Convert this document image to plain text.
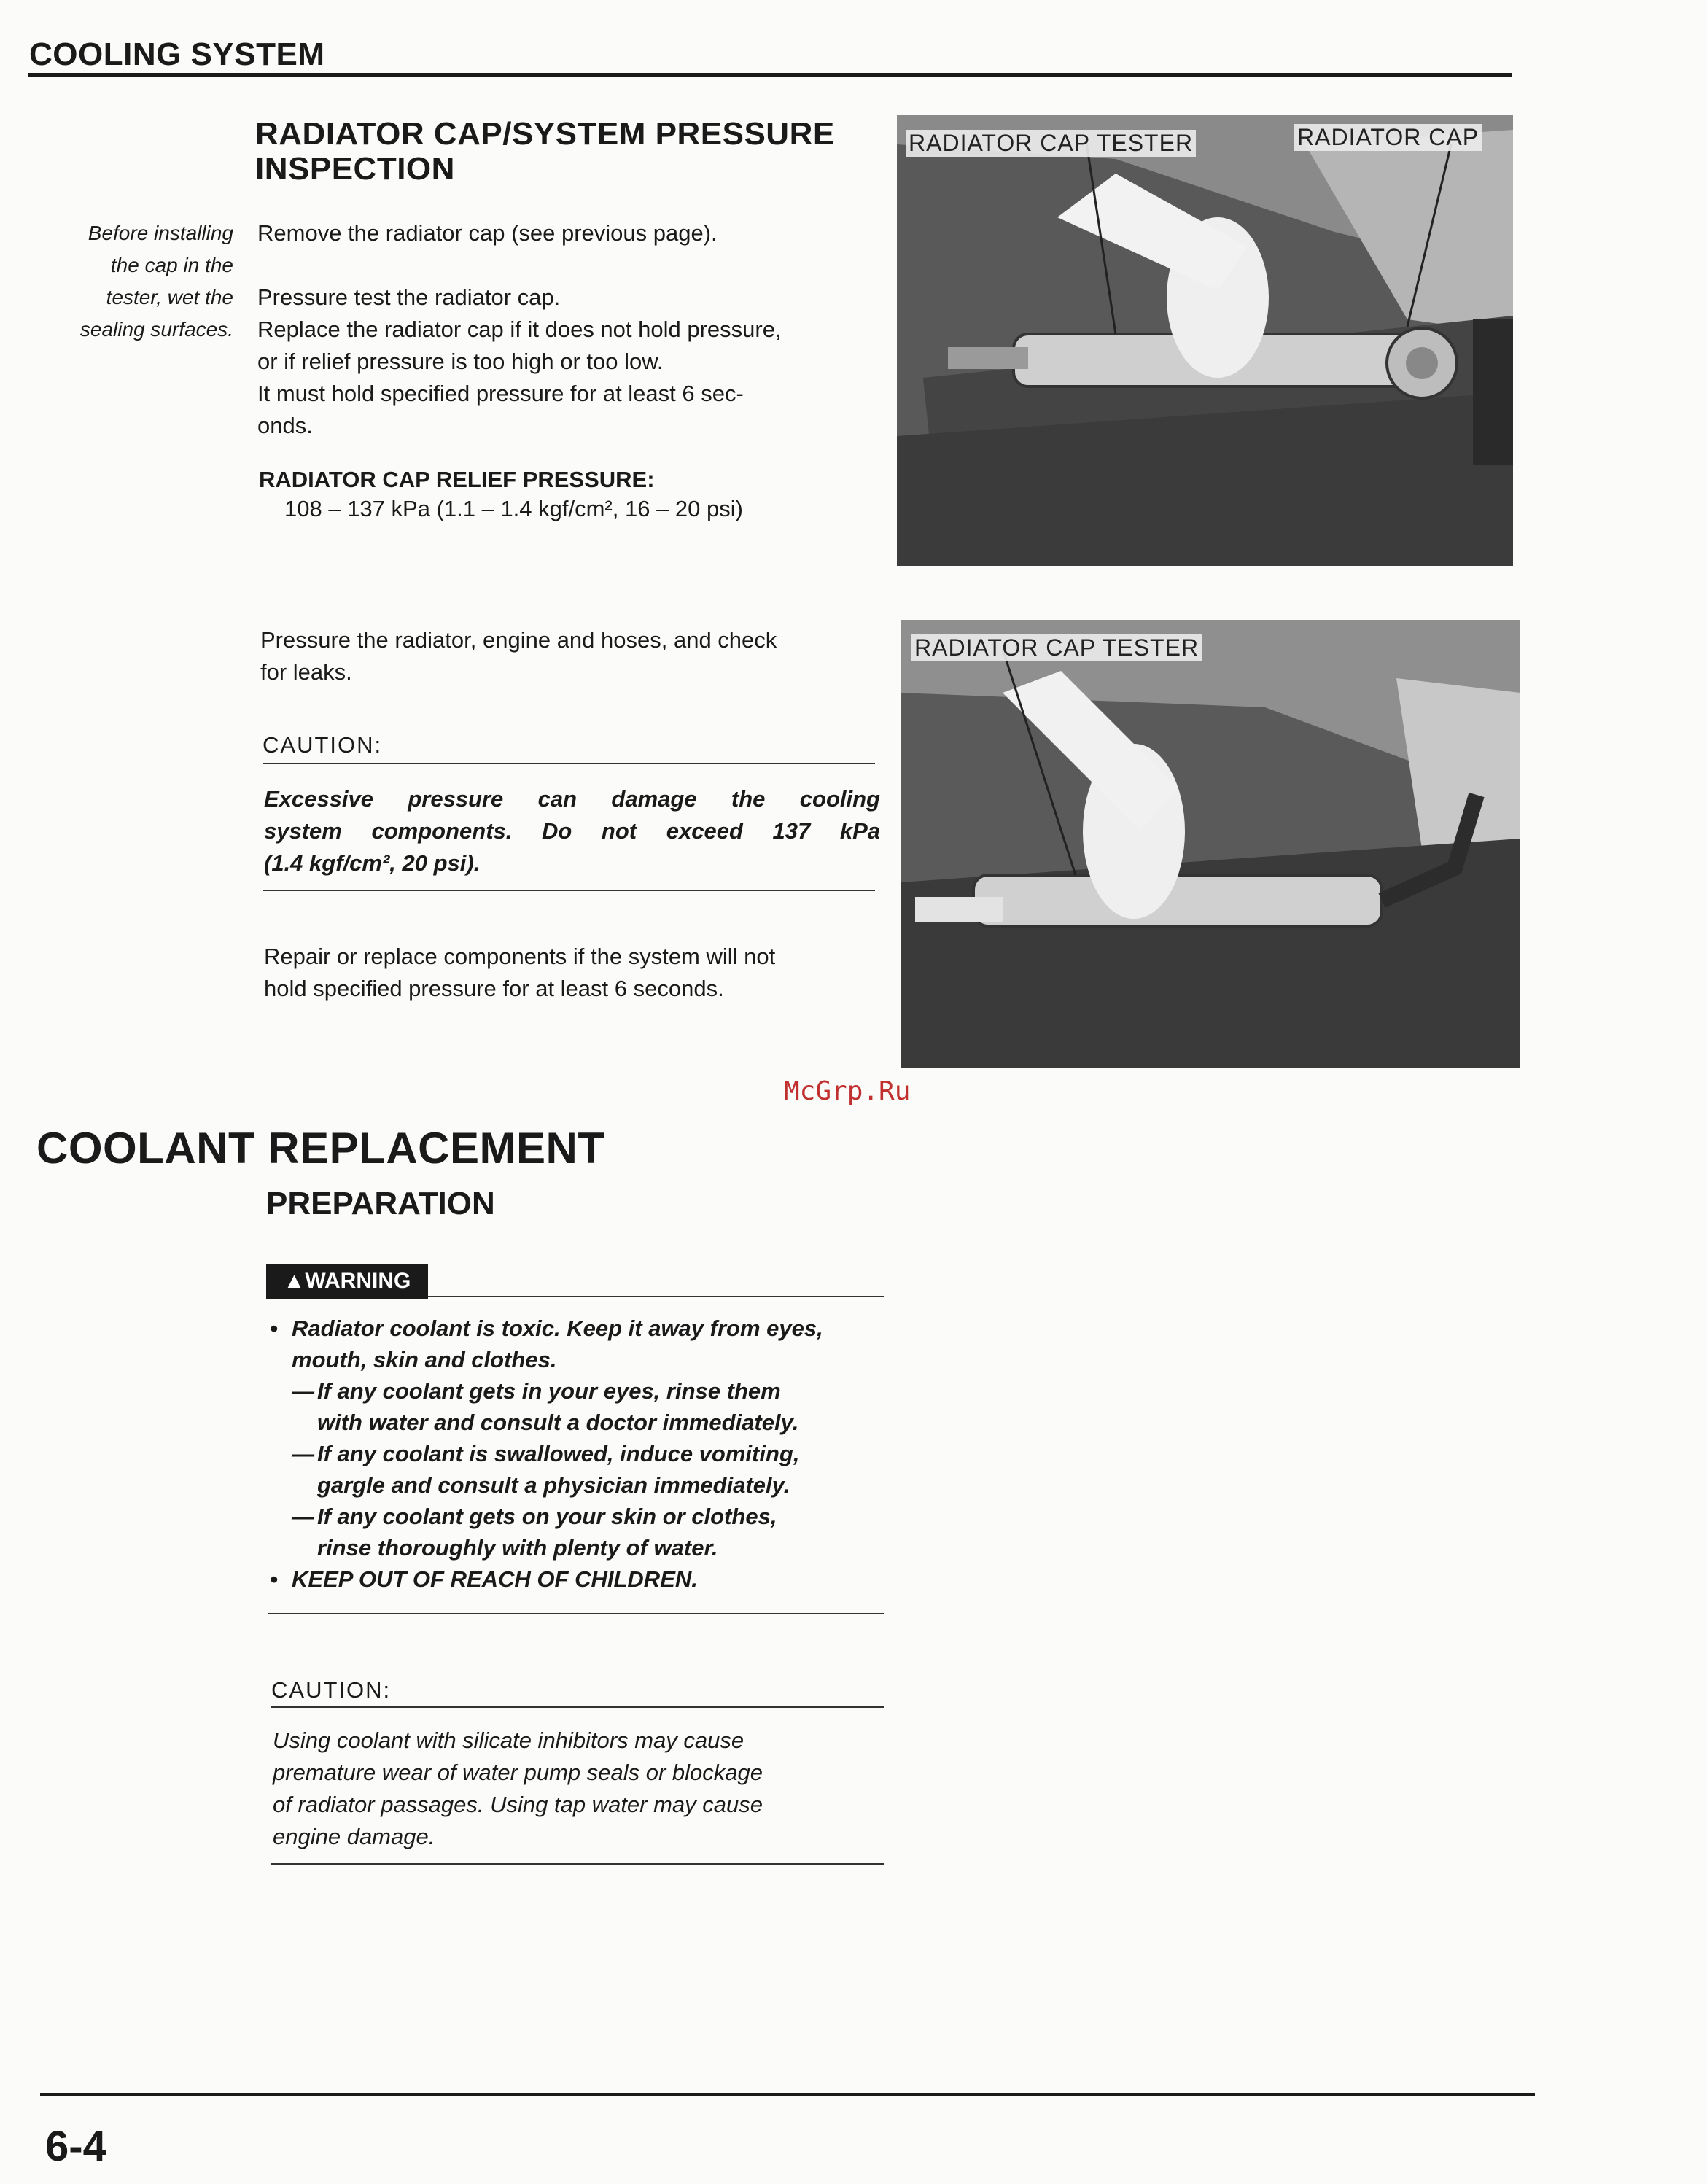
COOLING SYSTEM
RADIATOR CAP/SYSTEM PRESSURE
INSPECTION
Before installing
the cap in the
tester, wet the
sealing surfaces.

Remove the radiator cap (see previous page).

Pressure test the radiator cap.

Replace the radiator cap if it does not hold pressure,

or if relief pressure is too high or too low.

It must hold specified pressure for at least 6 sec-

onds.

RADIATOR CAP RELIEF PRESSURE:
108 – 137 kPa (1.1 – 1.4 kgf/cm², 16 – 20 psi)
Pressure the radiator, engine and hoses, and check
for leaks.
CAUTION:
Excessive pressure can damage the cooling
system components. Do not exceed 137 kPa
(1.4 kgf/cm², 20 psi).
Repair or replace components if the system will not
hold specified pressure for at least 6 seconds.
RADIATOR CAP TESTER	RADIATOR CAP
RADIATOR CAP TESTER
McGrp.Ru
COOLANT REPLACEMENT
PREPARATION
▲WARNING
• Radiator coolant is toxic. Keep it away from eyes,
mouth, skin and clothes.
— If any coolant gets in your eyes, rinse them
with water and consult a doctor immediately.
— If any coolant is swallowed, induce vomiting,
gargle and consult a physician immediately.
— If any coolant gets on your skin or clothes,
rinse thoroughly with plenty of water.
• KEEP OUT OF REACH OF CHILDREN.
CAUTION:
Using coolant with silicate inhibitors may cause
premature wear of water pump seals or blockage
of radiator passages. Using tap water may cause
engine damage.
6-4
